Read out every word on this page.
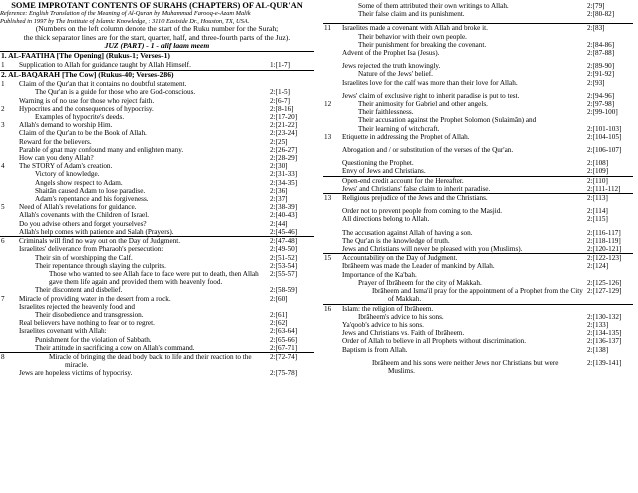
SOME IMPROTANT CONTENTS OF SURAHS (CHAPTERS) OF AL-QUR'AN
Reference: English Translation of the Meaning of Al-Quran by Muhammad Farooq-e-Azam Malik
Published in 1997 by The Institute of Islamic Knowledge, : 3110 Eastside Dr., Houston, TX, USA.
(Numbers on the left column denote the start of the Ruku number for the Surah;
the thick separator lines are for the start, quarter, half, and three-fourth parts of the Juz).
JUZ (PART) - 1 - alif laam meem
1. AL-FAATIHA [The Opening] (Rukus-1; Verses-1)
1	Supplication to Allah for guidance taught by Allah Himself.	1:[1-7]
2. AL-BAQARAH [The Cow] (Rukus-40; Verses-286)
1	Claim of the Qur'an that it contains no doubtful statement.
The Qur'an is a guide for those who are God-conscious.	2:[1-5]
Warning is of no use for those who reject faith.	2:[6-7]
2	Hypocrites and the consequences of hypocrisy.	2:[8-16]
Examples of hypocrite's deeds.	2:[17-20]
3	Allah's demand to worship Him.	2:[21-22]
Claim of the Qur'an to be the Book of Allah.	2:[23-24]
Reward for the believers.	2:[25]
Parable of gnat may confound many and enlighten many.	2:[26-27]
How can you deny Allah?	2:[28-29]
4	The STORY of Adam's creation.	2:[30]
Victory of knowledge.	2:[31-33]
Angels show respect to Adam.	2:[34-35]
Shaitān caused Adam to lose paradise.	2:[36]
Adam's repentance and his forgiveness.	2:[37]
5	Need of Allah's revelations for guidance.	2:[38-39]
Allah's covenants with the Children of Israel.	2:[40-43]
Do you advise others and forget yourselves?	2:[44]
Allah's help comes with patience and Salah (Prayers).	2:[45-46]
6	Criminals will find no way out on the Day of Judgment.	2:[47-48]
Israelites' deliverance from Pharaoh's persecution:	2:[49-50]
Their sin of worshipping the Calf.	2:[51-52]
Their repentance through slaying the culprits.	2:[53-54]
Those who wanted to see Allah face to face were put to death, then Allah gave them life again and provided them with heavenly food.
2:[55-57]
Their discontent and disbelief.	2:[58-59]
7	Miracle of providing water in the desert from a rock.	2:[60]
Israelites rejected the heavenly food and
Their disobedience and transgression.	2:[61]
Real believers have nothing to fear or to regret.	2:[62]
Israelites covenant with Allah:	2:[63-64]
Punishment for the violation of Sabbath.	2:[65-66]
Their attitude in sacrificing a cow on Allah's command.	2:[67-71]
8	Miracle of bringing the dead body back to life and their reaction to the miracle.
2:[72-74]
Jews are hopeless victims of hypocrisy.	2:[75-78]
Some of them attributed their own writings to Allah.	2:[79]
Their false claim and its punishment.	2:[80-82]
11	Israelites made a covenant with Allah and broke it.	2:[83]
Their behavior with their own people.
Their punishment for breaking the covenant.	2:[84-86]
Advent of the Prophet Isa (Jesus).	2:[87-88]
Jews rejected the truth knowingly.	2:[89-90]
Nature of the Jews' belief.	2:[91-92]
Israelites love for the calf was more than their love for Allah.	2:[93]
Jews' claim of exclusive right to inherit paradise is put to test.	2:[94-96]
12	Their animosity for Gabriel and other angels.	2:[97-98]
Their faithlessness.	2:[99-100]
Their accusation against the Prophet Solomon (Sulaimān) and
Their learning of witchcraft.	2:[101-103]
13	Etiquette in addressing the Prophet of Allah.	2:[104-105]
Abrogation and / or substitution of the verses of the Qur'an.	2:[106-107]
Questioning the Prophet.	2:[108]
Envy of Jews and Christians.	2:[109]
Open-end credit account for the Hereafter.	2:[110]
Jews' and Christians' false claim to inherit paradise.	2:[111-112]
13	Religious prejudice of the Jews and the Christians.	2:[113]
Order not to prevent people from coming to the Masjid.	2:[114]
All directions belong to Allah.	2:[115]
The accusation against Allah of having a son.	2:[116-117]
The Qur'an is the knowledge of truth.	2:[118-119]
Jews and Christians will never be pleased with you (Muslims).	2:[120-121]
15	Accountability on the Day of Judgment.	2:[122-123]
Ibrāheem was made the Leader of mankind by Allah.	2:[124]
Importance of the Ka'bah.
Prayer of Ibrāheem for the city of Makkah.	2:[125-126]
Ibrāheem and Isma'il pray for the appointment of a Prophet from the City of Makkah.
2:[127-129]
16	Islam: the religion of Ibrāheem.
Ibrāheem's advice to his sons.	2:[130-132]
Ya'qoob's advice to his sons.	2:[133]
Jews and Christians vs. Faith of Ibrāheem.	2:[134-135]
Order of Allah to believe in all Prophets without discrimination.	2:[136-137]
Baptism is from Allah.	2:[138]
Ibrāheem and his sons were neither Jews nor Christians but were Muslims.
2:[139-141]
